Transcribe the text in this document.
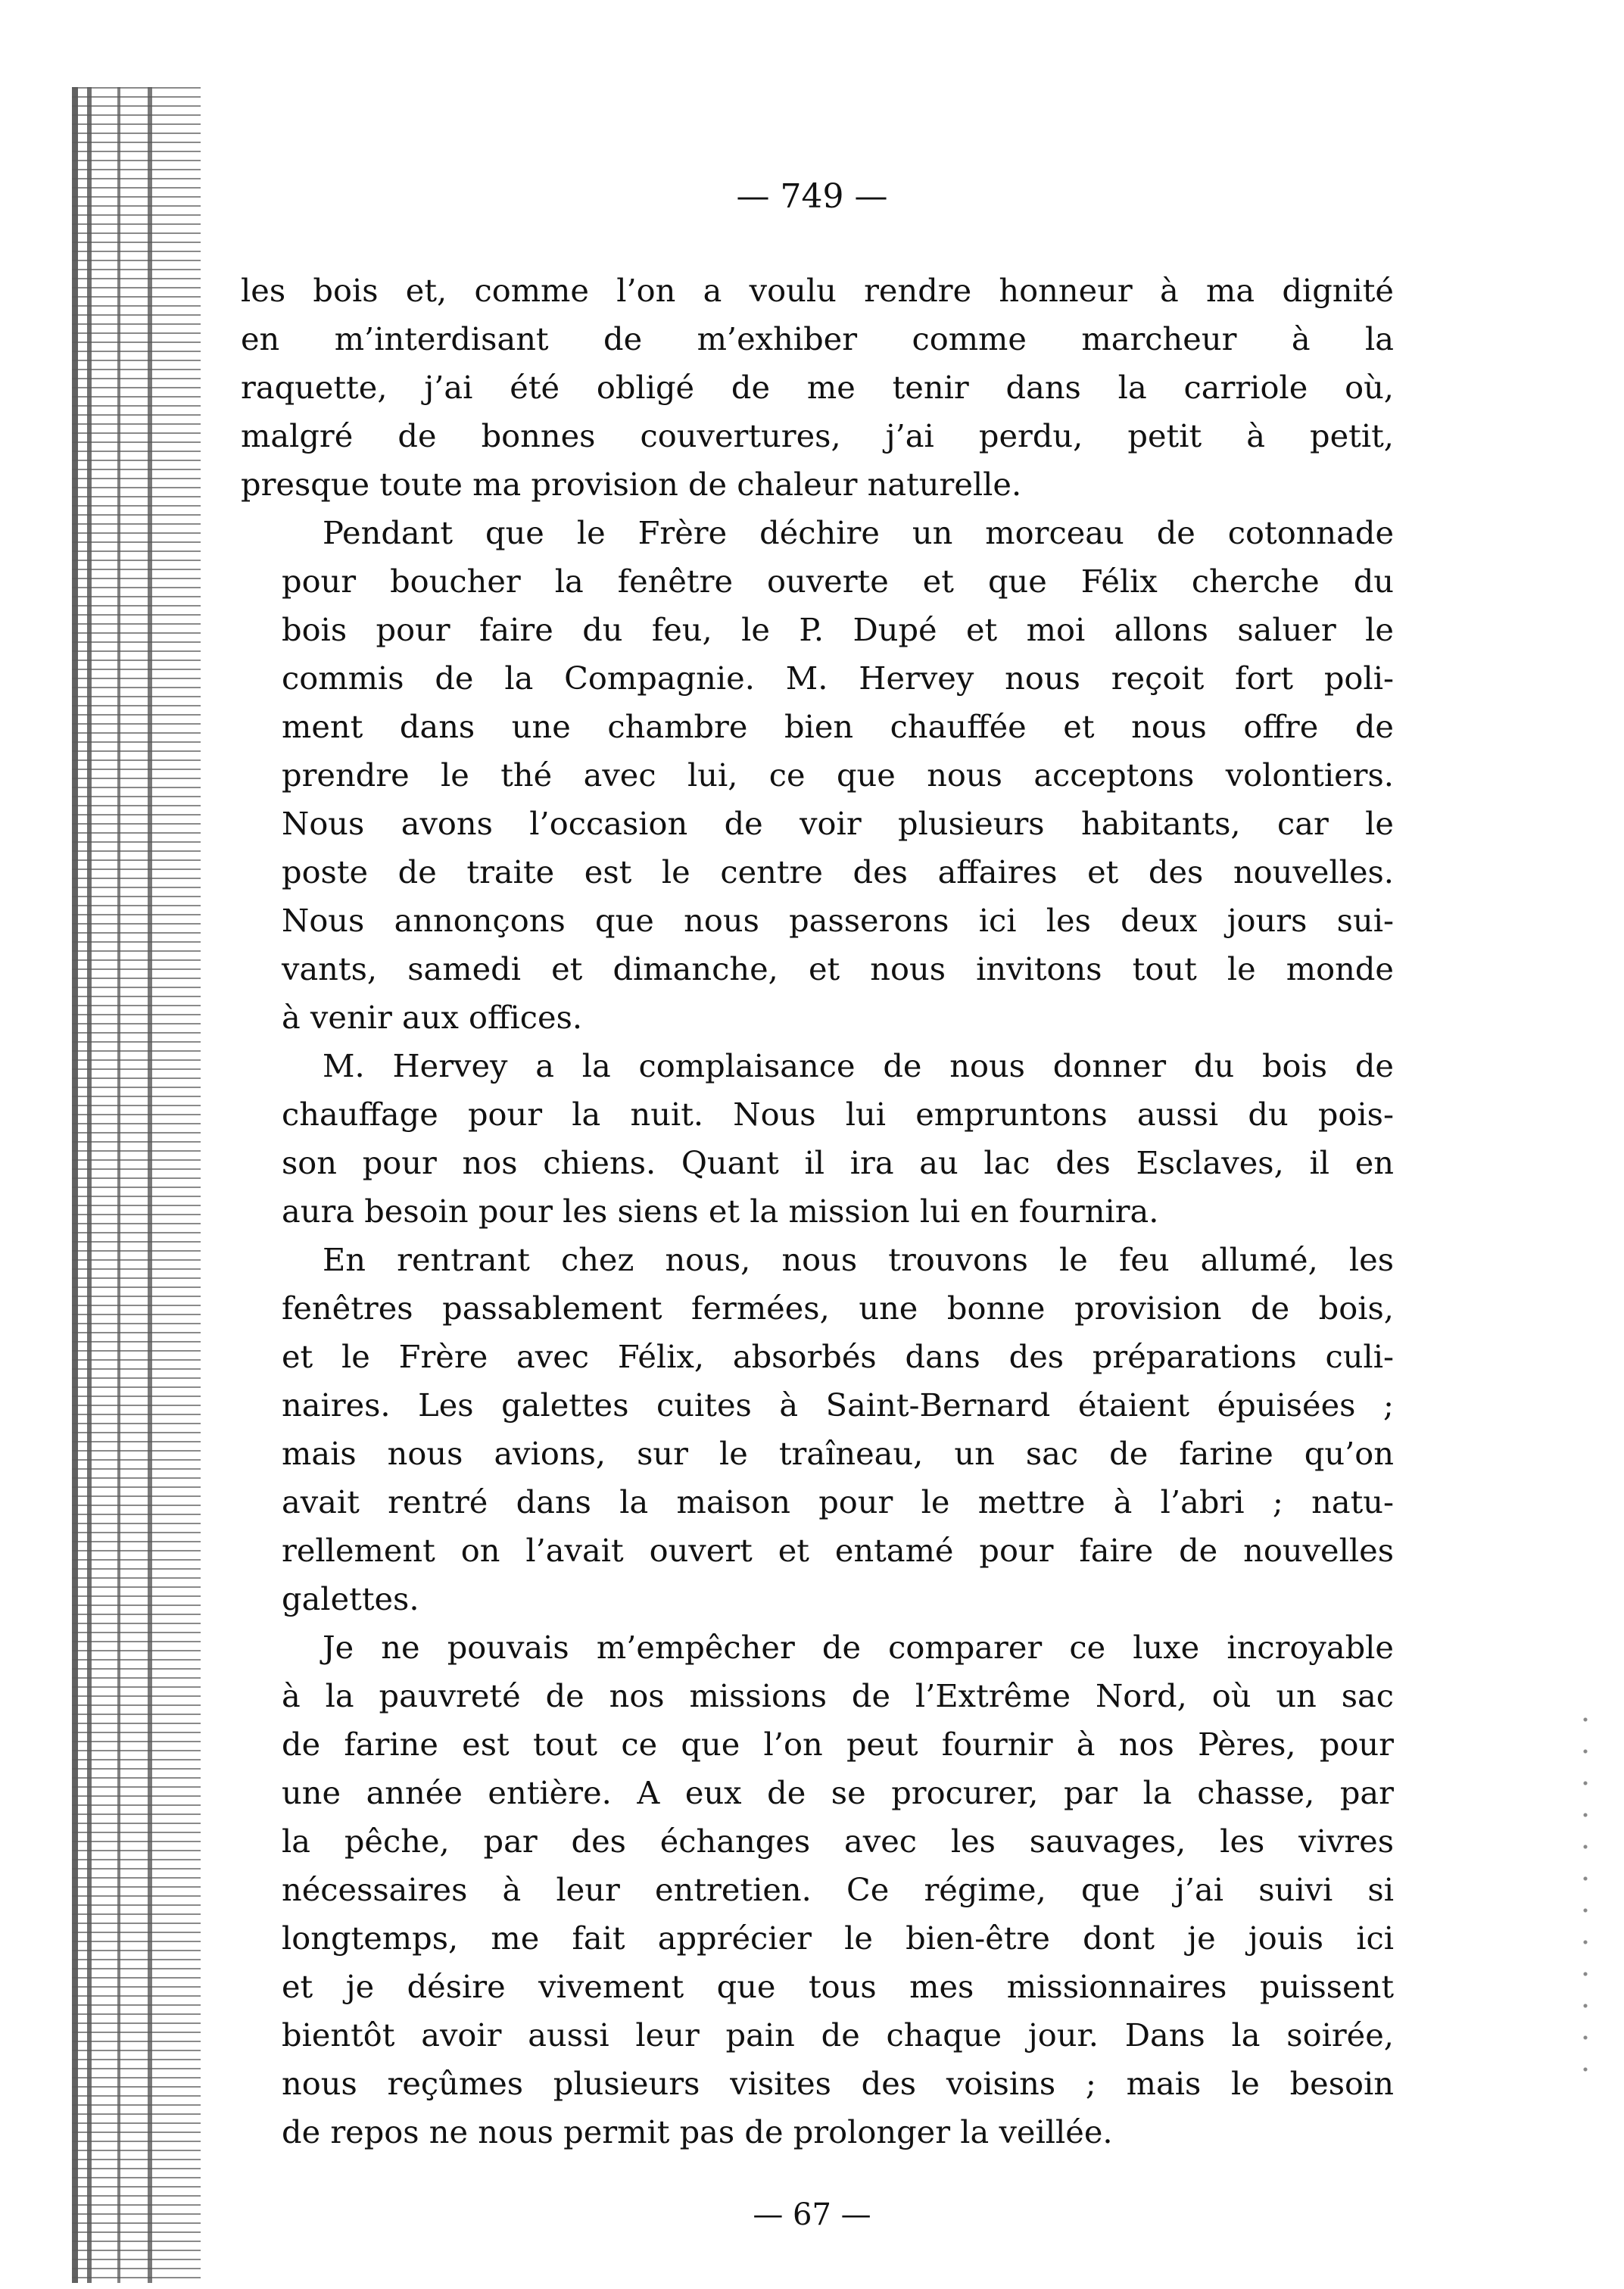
— 749 —

les bois et, comme l’on a voulu rendre honneur à ma dignité
en m’interdisant de m’exhiber comme marcheur à la
raquette, j’ai été obligé de me tenir dans la carriole où,
malgré de bonnes couvertures, j’ai perdu, petit à petit,
presque toute ma provision de chaleur naturelle.

Pendant que le Frère déchire un morceau de cotonnade
pour boucher la fenêtre ouverte et que Félix cherche du
bois pour faire du feu, le P. Dupé et moi allons saluer le
commis de la Compagnie. M. Hervey nous reçoit fort poli-
ment dans une chambre bien chauffée et nous offre de
prendre le thé avec lui, ce que nous acceptons volontiers.
Nous avons l’occasion de voir plusieurs habitants, car le
poste de traite est le centre des affaires et des nouvelles.
Nous annonçons que nous passerons ici les deux jours sui-
vants, samedi et dimanche, et nous invitons tout le monde
à venir aux offices.

M. Hervey a la complaisance de nous donner du bois de
chauffage pour la nuit. Nous lui empruntons aussi du pois-
son pour nos chiens. Quant il ira au lac des Esclaves, il en
aura besoin pour les siens et la mission lui en fournira.

En rentrant chez nous, nous trouvons le feu allumé, les
fenêtres passablement fermées, une bonne provision de bois,
et le Frère avec Félix, absorbés dans des préparations culi-
naires. Les galettes cuites à Saint-Bernard étaient épuisées ;
mais nous avions, sur le traîneau, un sac de farine qu’on
avait rentré dans la maison pour le mettre à l’abri ; natu-
rellement on l’avait ouvert et entamé pour faire de nouvelles
galettes.

Je ne pouvais m’empêcher de comparer ce luxe incroyable
à la pauvreté de nos missions de l’Extrême Nord, où un sac
de farine est tout ce que l’on peut fournir à nos Pères, pour
une année entière. A eux de se procurer, par la chasse, par
la pêche, par des échanges avec les sauvages, les vivres
nécessaires à leur entretien. Ce régime, que j’ai suivi si
longtemps, me fait apprécier le bien-être dont je jouis ici
et je désire vivement que tous mes missionnaires puissent
bientôt avoir aussi leur pain de chaque jour. Dans la soirée,
nous reçûmes plusieurs visites des voisins ; mais le besoin
de repos ne nous permit pas de prolonger la veillée.

— 67 —
